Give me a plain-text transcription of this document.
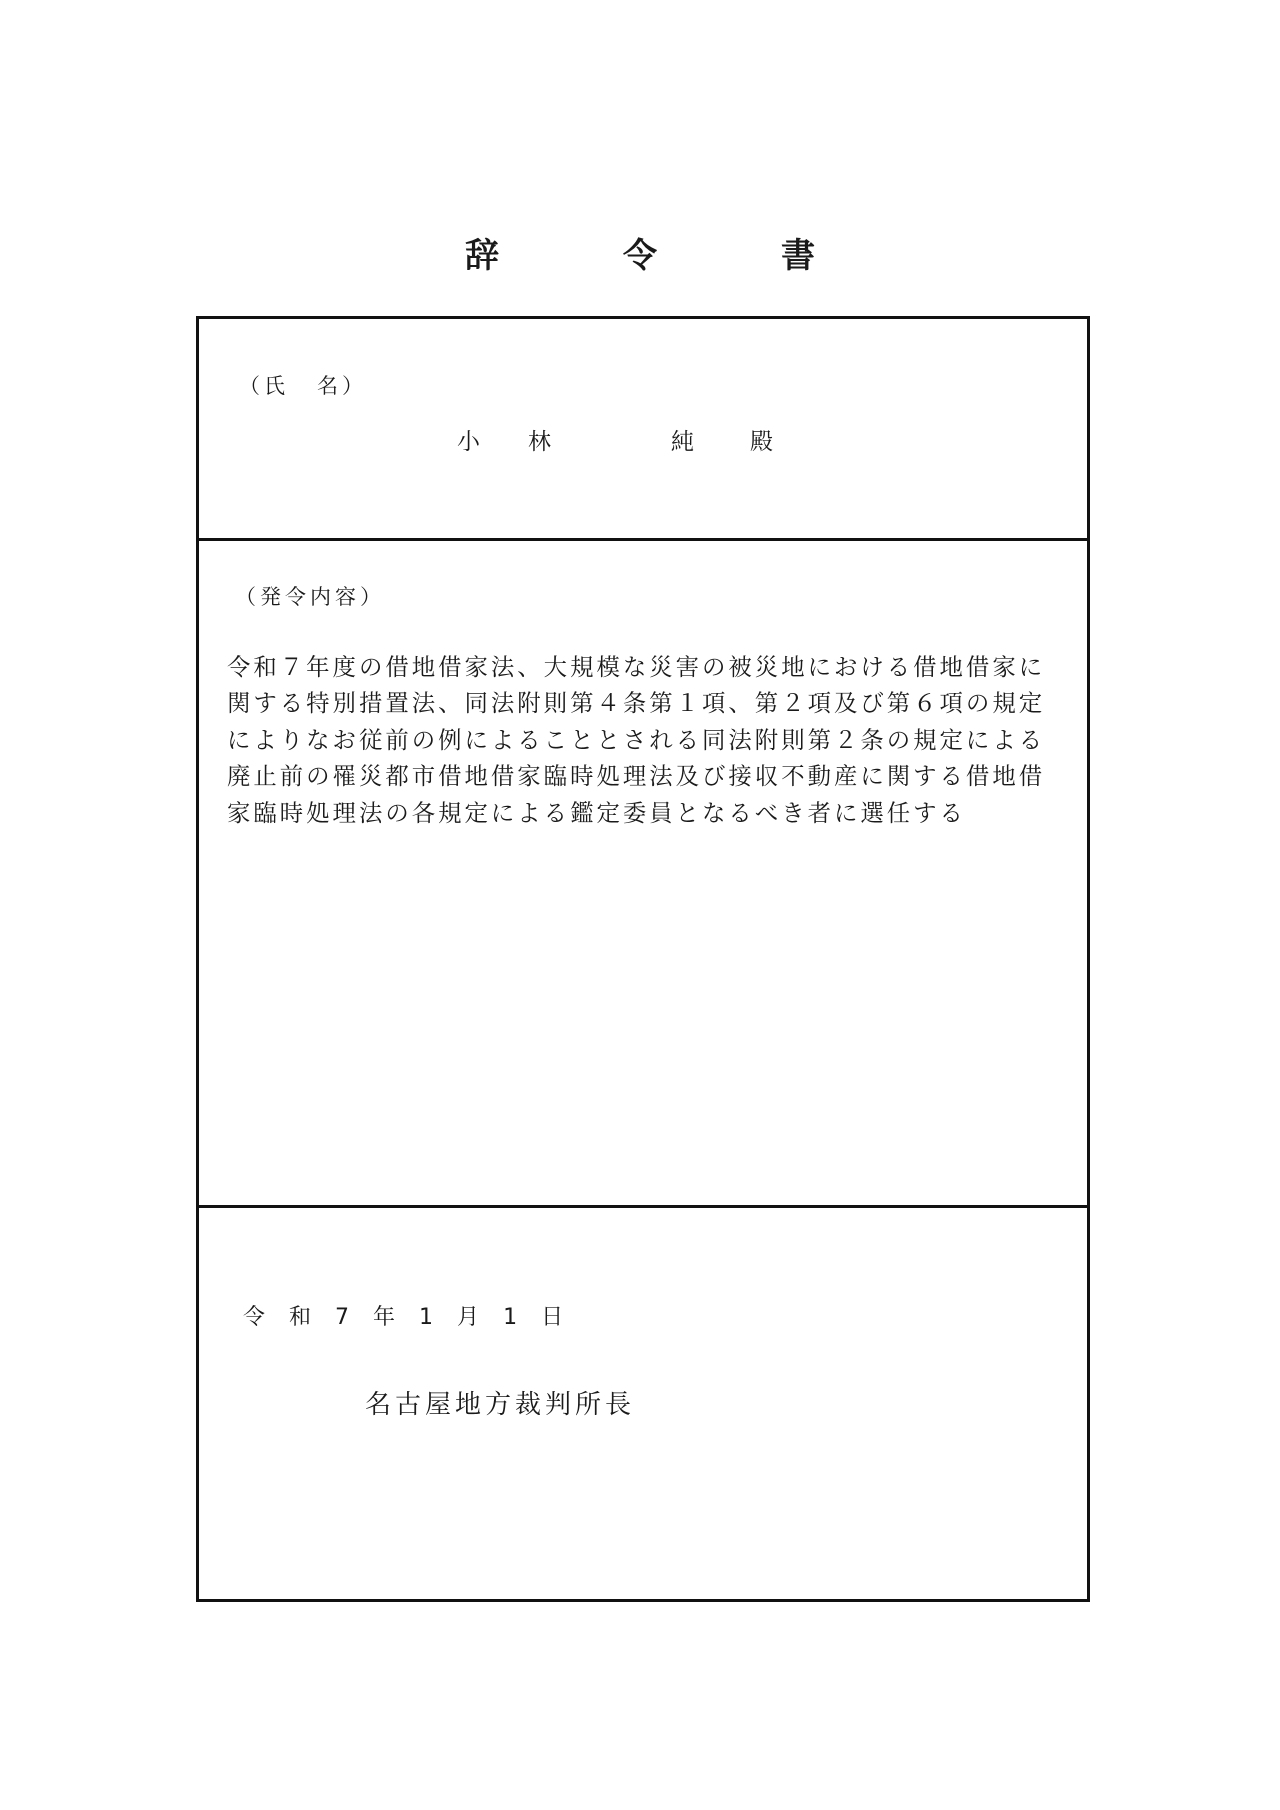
辞	令	書
（氏 名）
小 林	純 殿
（発令内容）

令和７年度の借地借家法、大規模な災害の被災地における借地借家に関する特別措置法、同法附則第４条第１項、第２項及び第６項の規定によりなお従前の例によることとされる同法附則第２条の規定による廃止前の罹災都市借地借家臨時処理法及び接収不動産に関する借地借家臨時処理法の各規定による鑑定委員となるべき者に選任する

令 和 7 年 1 月 1 日
名古屋地方裁判所長
